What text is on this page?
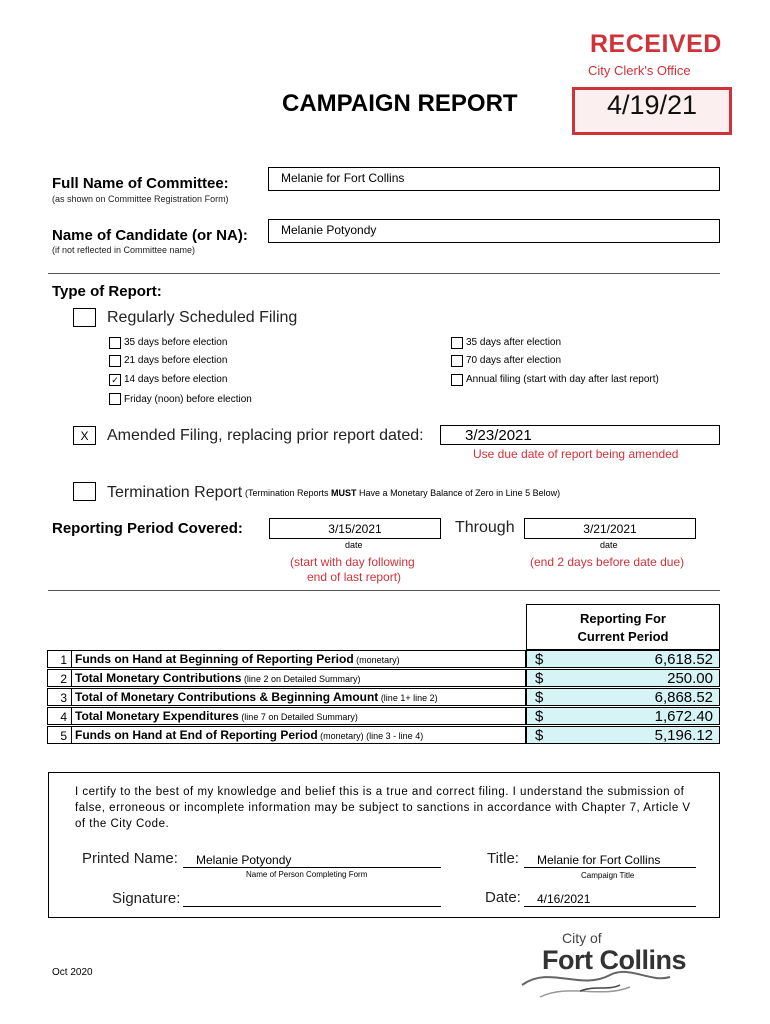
RECEIVED
City Clerk's Office
4/19/21
CAMPAIGN REPORT
Full Name of Committee:
(as shown on Committee Registration Form)
Melanie for Fort Collins
Name of Candidate (or NA):
(if not reflected in Committee name)
Melanie Potyondy
Type of Report:
Regularly Scheduled Filing
35 days before election
21 days before election
✓ 14 days before election
Friday (noon) before election
35 days after election
70 days after election
Annual filing (start with day after last report)
X	Amended Filing, replacing prior report dated:	3/23/2021
Use due date of report being amended
Termination Report (Termination Reports MUST Have a Monetary Balance of Zero in Line 5 Below)
Reporting Period Covered:	3/15/2021
date
(start with day following
end of last report)
Through	3/21/2021
date
(end 2 days before date due)
Reporting For
Current Period
1 Funds on Hand at Beginning of Reporting Period (monetary)	$	6,618.52
2 Total Monetary Contributions (line 2 on Detailed Summary)	$	250.00
3 Total of Monetary Contributions & Beginning Amount (line 1+ line 2)	$	6,868.52
4 Total Monetary Expenditures (line 7 on Detailed Summary)	$	1,672.40
5 Funds on Hand at End of Reporting Period (monetary) (line 3 - line 4)	$	5,196.12
I certify to the best of my knowledge and belief this is a true and correct filing. I understand the submission of false, erroneous or incomplete information may be subject to sanctions in accordance with Chapter 7, Article V of the City Code.
Printed Name: Melanie Potyondy
Name of Person Completing Form
Title: Melanie for Fort Collins
Campaign Title
Signature:	Date: 4/16/2021
Oct 2020
City of
Fort Collins
